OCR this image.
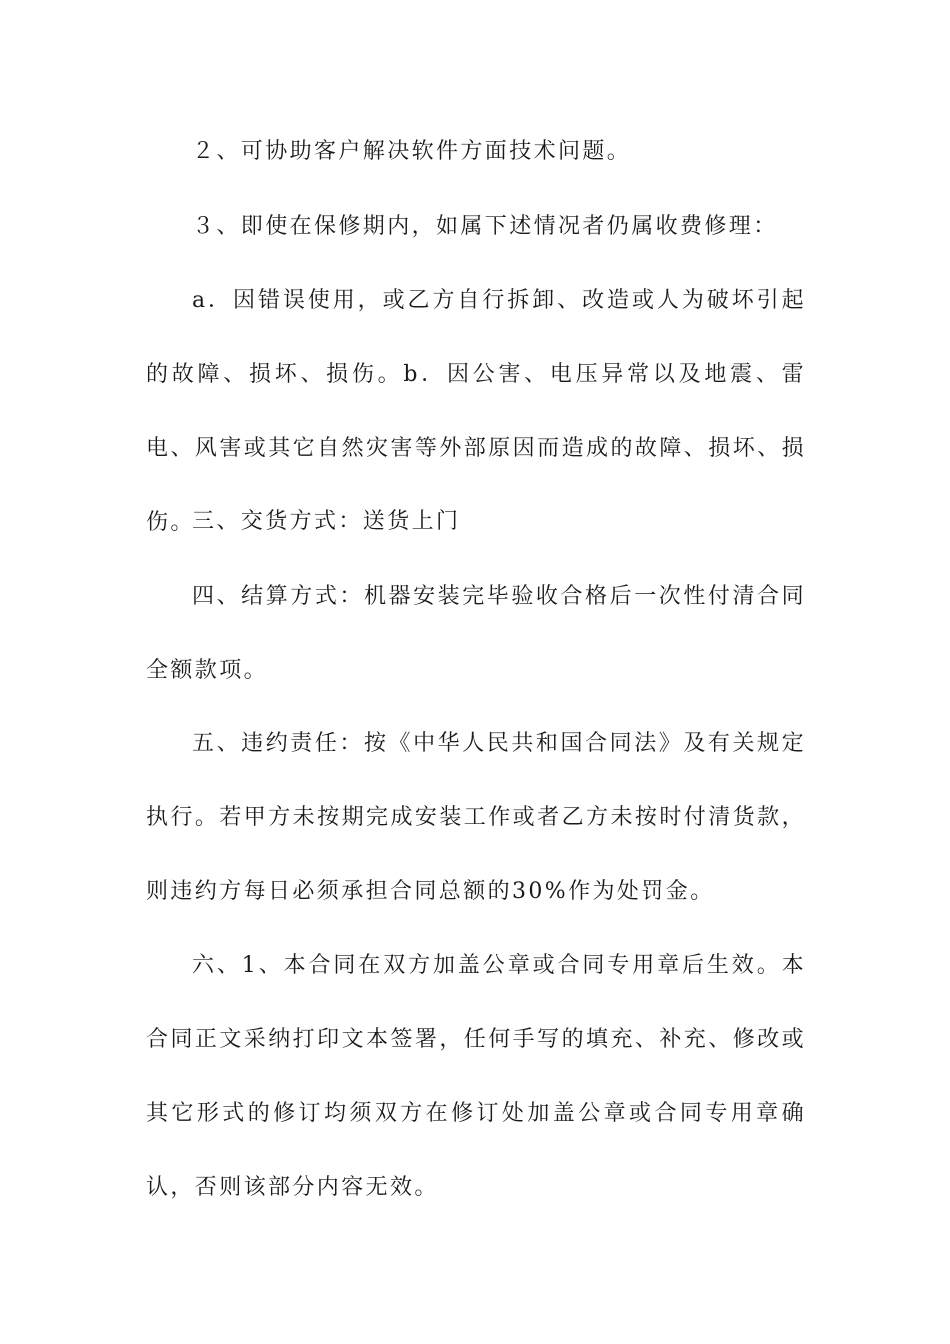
２、可协助客户解决软件方面技术问题。

３、即使在保修期内，如属下述情况者仍属收费修理：

a．因错误使用，或乙方自行拆卸、改造或人为破坏引起的故障、损坏、损伤。b．因公害、电压异常以及地震、雷电、风害或其它自然灾害等外部原因而造成的故障、损坏、损伤。

三、交货方式：送货上门

四、结算方式：机器安装完毕验收合格后一次性付清合同全额款项。

五、违约责任：按《中华人民共和国合同法》及有关规定执行。若甲方未按期完成安装工作或者乙方未按时付清货款，则违约方每日必须承担合同总额的30%作为处罚金。

六、1、本合同在双方加盖公章或合同专用章后生效。本合同正文采纳打印文本签署，任何手写的填充、补充、修改或其它形式的修订均须双方在修订处加盖公章或合同专用章确认，否则该部分内容无效。
